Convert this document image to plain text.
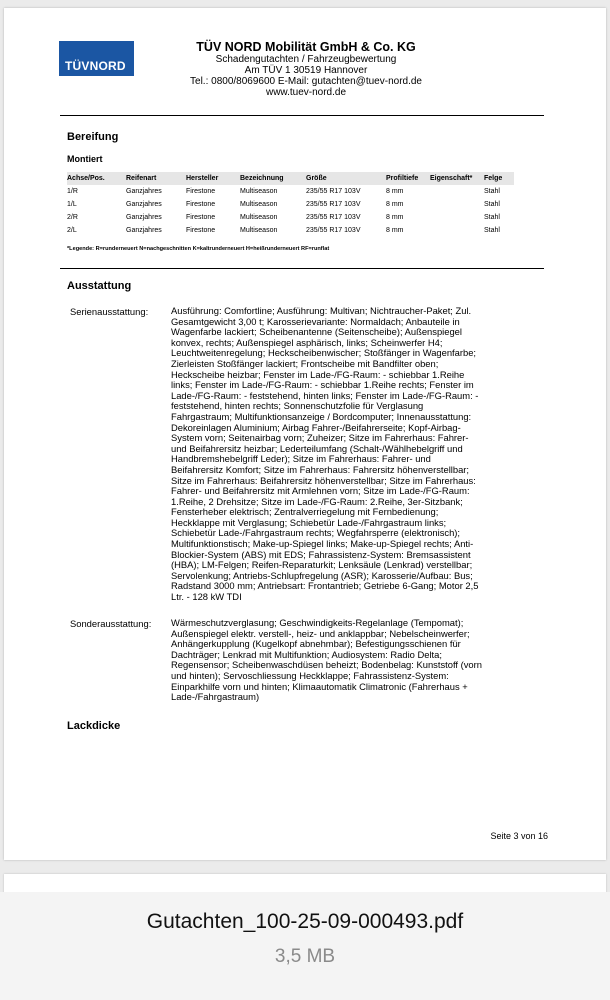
TÜVNORD
TÜV NORD Mobilität GmbH & Co. KG
Schadengutachten / Fahrzeugbewertung
Am TÜV 1 30519 Hannover
Tel.: 0800/8069600 E-Mail: gutachten@tuev-nord.de
www.tuev-nord.de
Bereifung
Montiert
Achse/Pos.	Reifenart	Hersteller	Bezeichnung	Größe	Profiltiefe	Eigenschaft*	Felge
1/R	Ganzjahres	Firestone	Multiseason	235/55 R17 103V	8 mm		Stahl
1/L	Ganzjahres	Firestone	Multiseason	235/55 R17 103V	8 mm		Stahl
2/R	Ganzjahres	Firestone	Multiseason	235/55 R17 103V	8 mm		Stahl
2/L	Ganzjahres	Firestone	Multiseason	235/55 R17 103V	8 mm		Stahl
*Legende: R=runderneuert N=nachgeschnitten K=kaltrunderneuert H=heißrunderneuert RF=runflat
Ausstattung
Serienausstattung: Ausführung: Comfortline; Ausführung: Multivan; Nichtraucher-Paket; Zul.
Gesamtgewicht 3,00 t; Karosserievariante: Normaldach; Anbauteile in
Wagenfarbe lackiert; Scheibenantenne (Seitenscheibe); Außenspiegel
konvex, rechts; Außenspiegel asphärisch, links; Scheinwerfer H4;
Leuchtweitenregelung; Heckscheibenwischer; Stoßfänger in Wagenfarbe;
Zierleisten Stoßfänger lackiert; Frontscheibe mit Bandfilter oben;
Heckscheibe heizbar; Fenster im Lade-/FG-Raum: - schiebbar 1.Reihe
links; Fenster im Lade-/FG-Raum: - schiebbar 1.Reihe rechts; Fenster im
Lade-/FG-Raum: - feststehend, hinten links; Fenster im Lade-/FG-Raum: -
feststehend, hinten rechts; Sonnenschutzfolie für Verglasung
Fahrgastraum; Multifunktionsanzeige / Bordcomputer; Innenausstattung:
Dekoreinlagen Aluminium; Airbag Fahrer-/Beifahrerseite; Kopf-Airbag-
System vorn; Seitenairbag vorn; Zuheizer; Sitze im Fahrerhaus: Fahrer-
und Beifahrersitz heizbar; Lederteilumfang (Schalt-/Wählhebelgriff und
Handbremshebelgriff Leder); Sitze im Fahrerhaus: Fahrer- und
Beifahrersitz Komfort; Sitze im Fahrerhaus: Fahrersitz höhenverstellbar;
Sitze im Fahrerhaus: Beifahrersitz höhenverstellbar; Sitze im Fahrerhaus:
Fahrer- und Beifahrersitz mit Armlehnen vorn; Sitze im Lade-/FG-Raum:
1.Reihe, 2 Drehsitze; Sitze im Lade-/FG-Raum: 2.Reihe, 3er-Sitzbank;
Fensterheber elektrisch; Zentralverriegelung mit Fernbedienung;
Heckklappe mit Verglasung; Schiebetür Lade-/Fahrgastraum links;
Schiebetür Lade-/Fahrgastraum rechts; Wegfahrsperre (elektronisch);
Multifunktionstisch; Make-up-Spiegel links; Make-up-Spiegel rechts; Anti-
Blockier-System (ABS) mit EDS; Fahrassistenz-System: Bremsassistent
(HBA); LM-Felgen; Reifen-Reparaturkit; Lenksäule (Lenkrad) verstellbar;
Servolenkung; Antriebs-Schlupfregelung (ASR); Karosserie/Aufbau: Bus;
Radstand 3000 mm; Antriebsart: Frontantrieb; Getriebe 6-Gang; Motor 2,5
Ltr. - 128 kW TDI
Sonderausstattung: Wärmeschutzverglasung; Geschwindigkeits-Regelanlage (Tempomat);
Außenspiegel elektr. verstell-, heiz- und anklappbar; Nebelscheinwerfer;
Anhängerkupplung (Kugelkopf abnehmbar); Befestigungsschienen für
Dachträger; Lenkrad mit Multifunktion; Audiosystem: Radio Delta;
Regensensor; Scheibenwaschdüsen beheizt; Bodenbelag: Kunststoff (vorn
und hinten); Servoschliessung Heckklappe; Fahrassistenz-System:
Einparkhilfe vorn und hinten; Klimaautomatik Climatronic (Fahrerhaus +
Lade-/Fahrgastraum)
Lackdicke
Seite 3 von 16
Gutachten_100-25-09-000493.pdf
3,5 MB
